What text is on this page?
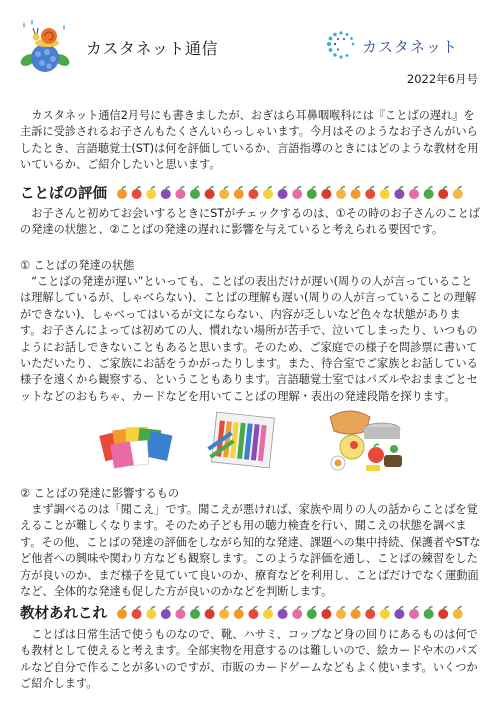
カスタネット通信	カスタネット
2022年6月号

カスタネット通信2月号にも書きましたが、おぎはら耳鼻咽喉科には『ことばの遅れ』を主訴に受診されるお子さんもたくさんいらっしゃいます。今月はそのようなお子さんがいらしたとき、言語聴覚士(ST)は何を評価しているか、言語指導のときにはどのような教材を用いているか、ご紹介したいと思います。

ことばの評価

お子さんと初めてお会いするときにSTがチェックするのは、①その時のお子さんのことばの発達の状態と、②ことばの発達の遅れに影響を与えていると考えられる要因です。

① ことばの発達の状態

“ことばの発達が遅い”といっても、ことばの表出だけが遅い(周りの人が言っていることは理解しているが、しゃべらない)、ことばの理解も遅い(周りの人が言っていることの理解ができない)、しゃべってはいるが文にならない、内容が乏しいなど色々な状態があります。お子さんによっては初めての人、慣れない場所が苦手で、泣いてしまったり、いつものようにお話しできないこともあると思います。そのため、ご家庭での様子を問診票に書いていただいたり、ご家族にお話をうかがったりします。また、待合室でご家族とお話している様子を遠くから観察する、ということもあります。言語聴覚士室ではパズルやおままごとセットなどのおもちゃ、カードなどを用いてことばの理解・表出の発達段階を探ります。

② ことばの発達に影響するもの

まず調べるのは「聞こえ」です。聞こえが悪ければ、家族や周りの人の話からことばを覚えることが難しくなります。そのため子ども用の聴力検査を行い、聞こえの状態を調べます。その他、ことばの発達の評価をしながら知的な発達、課題への集中持続、保護者やSTなど他者への興味や関わり方なども観察します。このような評価を通し、ことばの練習をした方が良いのか、まだ様子を見ていて良いのか、療育などを利用し、ことばだけでなく運動面など、全体的な発達も促した方が良いのかなどを判断します。

教材あれこれ

ことばは日常生活で使うものなので、靴、ハサミ、コップなど身の回りにあるものは何でも教材として使えると考えます。全部実物を用意するのは難しいので、絵カードや木のパズルなど自分で作ることが多いのですが、市販のカードゲームなどもよく使います。いくつかご紹介します。
